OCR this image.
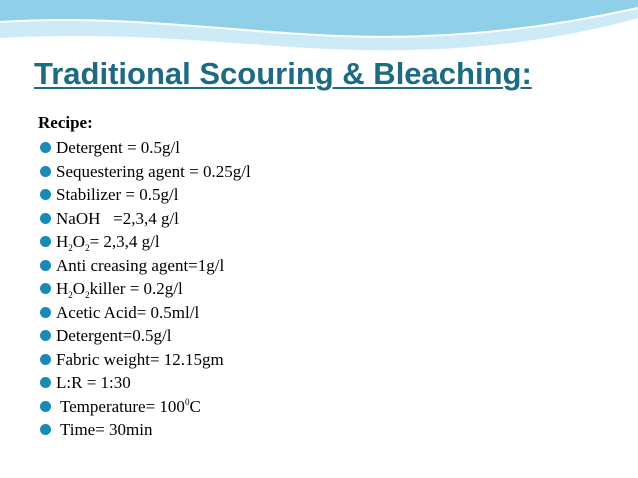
Traditional Scouring & Bleaching:
Recipe:
Detergent = 0.5g/l
Sequestering agent = 0.25g/l
Stabilizer = 0.5g/l
NaOH   =2,3,4 g/l
$H_2O_2= 2,3,4$ g/l
Anti creasing agent=1g/l
$H_2O_2killer = 0.2g/l$
Acetic Acid= 0.5ml/l
Detergent=0.5g/l
Fabric weight= 12.15gm
L:R = 1:30
Temperature= $100^0C$
Time= 30min
